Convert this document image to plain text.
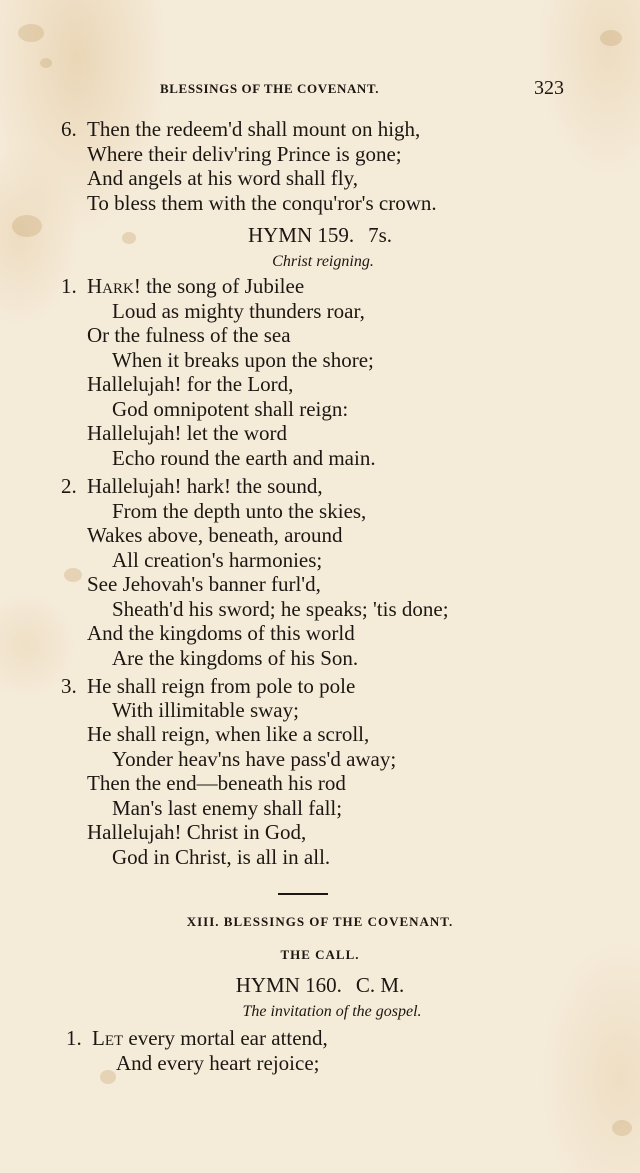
BLESSINGS OF THE COVENANT.	323
6. Then the redeem'd shall mount on high,
Where their deliv'ring Prince is gone;
And angels at his word shall fly,
To bless them with the conqu'ror's crown.
HYMN 159. 7s.
Christ reigning.
1. Hark! the song of Jubilee
Loud as mighty thunders roar,
Or the fulness of the sea
When it breaks upon the shore;
Hallelujah! for the Lord,
God omnipotent shall reign:
Hallelujah! let the word
Echo round the earth and main.
2. Hallelujah! hark! the sound,
From the depth unto the skies,
Wakes above, beneath, around
All creation's harmonies;
See Jehovah's banner furl'd,
Sheath'd his sword; he speaks; 'tis done;
And the kingdoms of this world
Are the kingdoms of his Son.
3. He shall reign from pole to pole
With illimitable sway;
He shall reign, when like a scroll,
Yonder heav'ns have pass'd away;
Then the end—beneath his rod
Man's last enemy shall fall;
Hallelujah! Christ in God,
God in Christ, is all in all.
XIII. BLESSINGS OF THE COVENANT.
THE CALL.
HYMN 160. C. M.
The invitation of the gospel.
1. Let every mortal ear attend,
And every heart rejoice;
